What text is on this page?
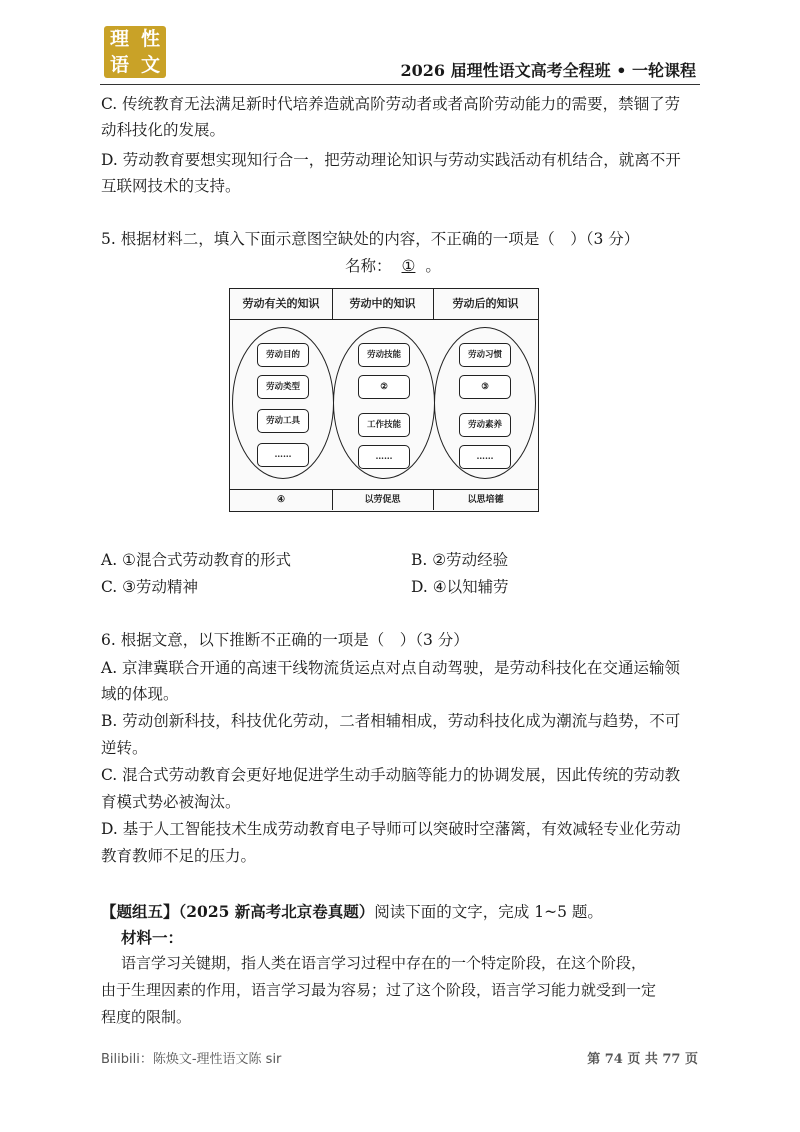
理 性
语 文	2026 届理性语文高考全程班 • 一轮课程
C. 传统教育无法满足新时代培养造就高阶劳动者或者高阶劳动能力的需要，禁锢了劳
动科技化的发展。
D. 劳动教育要想实现知行合一，把劳动理论知识与劳动实践活动有机结合，就离不开
互联网技术的支持。
5. 根据材料二，填入下面示意图空缺处的内容，不正确的一项是（　）（3 分）
名称： ① 。
劳动有关的知识	劳动中的知识	劳动后的知识
劳动目的
劳动类型
劳动工具
……
劳动技能
②
工作技能
……
劳动习惯
③
劳动素养
……
④	以劳促思	以思培德
A. ①混合式劳动教育的形式	B. ②劳动经验
C. ③劳动精神	D. ④以知辅劳
6. 根据文意，以下推断不正确的一项是（　）（3 分）
A. 京津冀联合开通的高速干线物流货运点对点自动驾驶，是劳动科技化在交通运输领
域的体现。
B. 劳动创新科技，科技优化劳动，二者相辅相成，劳动科技化成为潮流与趋势，不可
逆转。
C. 混合式劳动教育会更好地促进学生动手动脑等能力的协调发展，因此传统的劳动教
育模式势必被淘汰。
D. 基于人工智能技术生成劳动教育电子导师可以突破时空藩篱，有效减轻专业化劳动
教育教师不足的压力。
【题组五】（2025 新高考北京卷真题）阅读下面的文字，完成 1~5 题。
材料一：
语言学习关键期，指人类在语言学习过程中存在的一个特定阶段，在这个阶段，
由于生理因素的作用，语言学习最为容易；过了这个阶段，语言学习能力就受到一定
程度的限制。
Bilibili：陈焕文-理性语文陈 sir	第 74 页 共 77 页
